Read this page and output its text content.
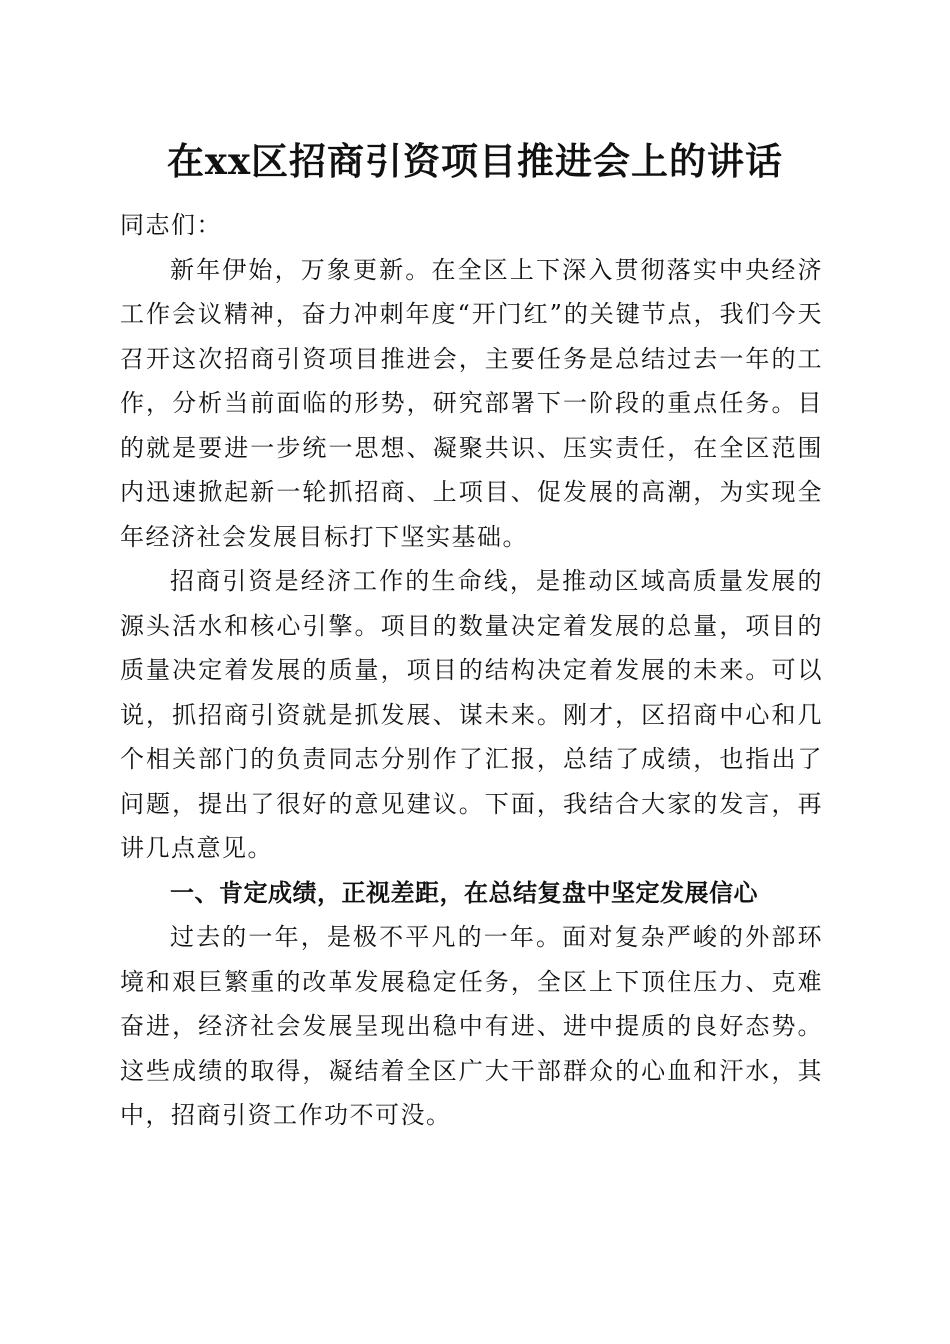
在xx区招商引资项目推进会上的讲话

同志们：

新年伊始，万象更新。在全区上下深入贯彻落实中央经济工作会议精神，奋力冲刺年度“开门红”的关键节点，我们今天召开这次招商引资项目推进会，主要任务是总结过去一年的工作，分析当前面临的形势，研究部署下一阶段的重点任务。目的就是要进一步统一思想、凝聚共识、压实责任，在全区范围内迅速掀起新一轮抓招商、上项目、促发展的高潮，为实现全年经济社会发展目标打下坚实基础。

招商引资是经济工作的生命线，是推动区域高质量发展的源头活水和核心引擎。项目的数量决定着发展的总量，项目的质量决定着发展的质量，项目的结构决定着发展的未来。可以说，抓招商引资就是抓发展、谋未来。刚才，区招商中心和几个相关部门的负责同志分别作了汇报，总结了成绩，也指出了问题，提出了很好的意见建议。下面，我结合大家的发言，再讲几点意见。

一、肯定成绩，正视差距，在总结复盘中坚定发展信心

过去的一年，是极不平凡的一年。面对复杂严峻的外部环境和艰巨繁重的改革发展稳定任务，全区上下顶住压力、克难奋进，经济社会发展呈现出稳中有进、进中提质的良好态势。这些成绩的取得，凝结着全区广大干部群众的心血和汗水，其中，招商引资工作功不可没。
